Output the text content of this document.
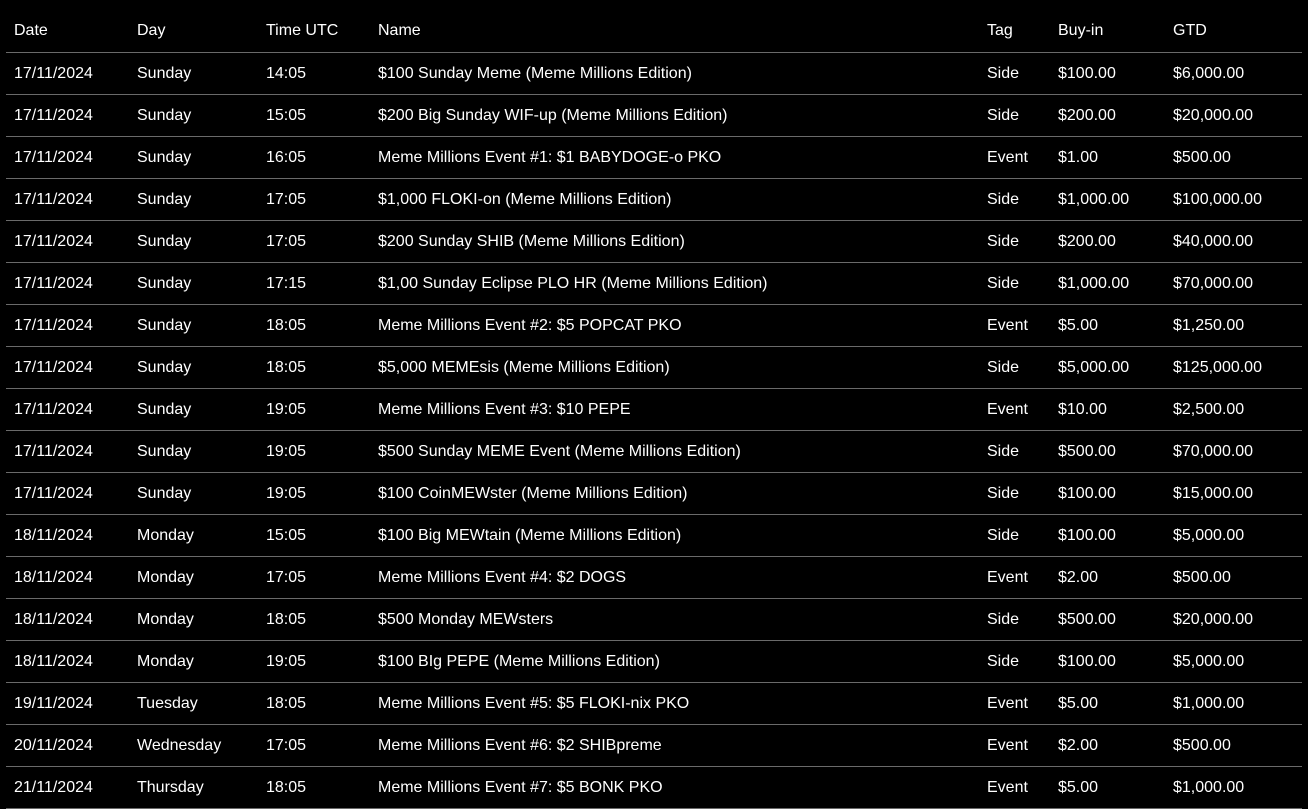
Date	Day	Time UTC	Name	Tag	Buy-in	GTD
17/11/2024	Sunday	14:05	$100 Sunday Meme (Meme Millions Edition)	Side	$100.00	$6,000.00
17/11/2024	Sunday	15:05	$200 Big Sunday WIF-up (Meme Millions Edition)	Side	$200.00	$20,000.00
17/11/2024	Sunday	16:05	Meme Millions Event #1: $1 BABYDOGE-o PKO	Event	$1.00	$500.00
17/11/2024	Sunday	17:05	$1,000 FLOKI-on (Meme Millions Edition)	Side	$1,000.00	$100,000.00
17/11/2024	Sunday	17:05	$200 Sunday SHIB (Meme Millions Edition)	Side	$200.00	$40,000.00
17/11/2024	Sunday	17:15	$1,00 Sunday Eclipse PLO HR (Meme Millions Edition)	Side	$1,000.00	$70,000.00
17/11/2024	Sunday	18:05	Meme Millions Event #2: $5 POPCAT PKO	Event	$5.00	$1,250.00
17/11/2024	Sunday	18:05	$5,000 MEMEsis (Meme Millions Edition)	Side	$5,000.00	$125,000.00
17/11/2024	Sunday	19:05	Meme Millions Event #3: $10 PEPE	Event	$10.00	$2,500.00
17/11/2024	Sunday	19:05	$500 Sunday MEME Event (Meme Millions Edition)	Side	$500.00	$70,000.00
17/11/2024	Sunday	19:05	$100 CoinMEWster (Meme Millions Edition)	Side	$100.00	$15,000.00
18/11/2024	Monday	15:05	$100 Big MEWtain (Meme Millions Edition)	Side	$100.00	$5,000.00
18/11/2024	Monday	17:05	Meme Millions Event #4: $2 DOGS	Event	$2.00	$500.00
18/11/2024	Monday	18:05	$500 Monday MEWsters	Side	$500.00	$20,000.00
18/11/2024	Monday	19:05	$100 BIg PEPE (Meme Millions Edition)	Side	$100.00	$5,000.00
19/11/2024	Tuesday	18:05	Meme Millions Event #5: $5 FLOKI-nix PKO	Event	$5.00	$1,000.00
20/11/2024	Wednesday	17:05	Meme Millions Event #6: $2 SHIBpreme	Event	$2.00	$500.00
21/11/2024	Thursday	18:05	Meme Millions Event #7: $5 BONK PKO	Event	$5.00	$1,000.00
